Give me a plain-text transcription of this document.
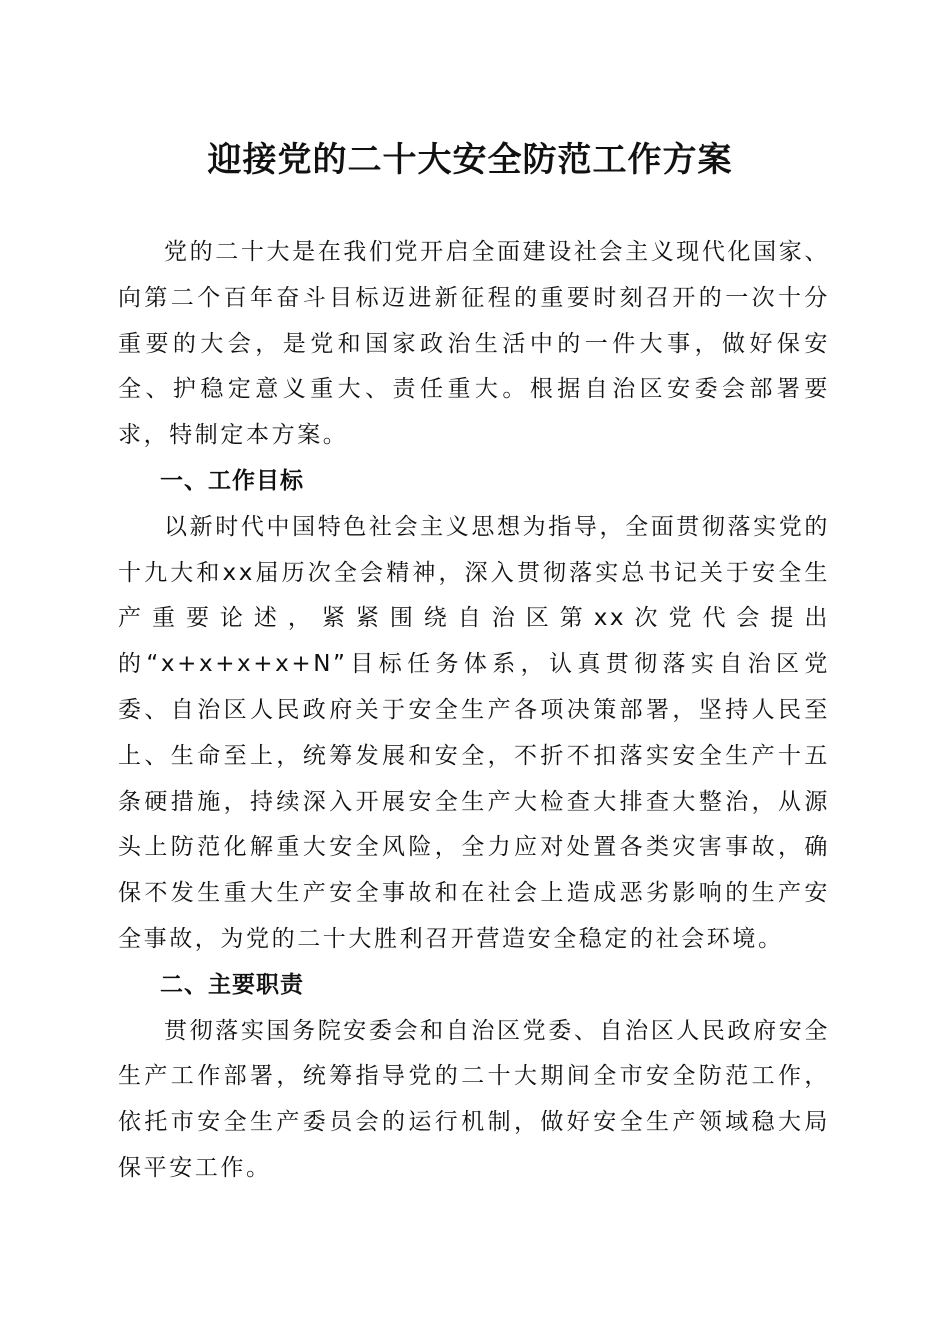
迎接党的二十大安全防范工作方案

党的二十大是在我们党开启全面建设社会主义现代化国家、向第二个百年奋斗目标迈进新征程的重要时刻召开的一次十分重要的大会，是党和国家政治生活中的一件大事，做好保安全、护稳定意义重大、责任重大。根据自治区安委会部署要求，特制定本方案。

一、工作目标

以新时代中国特色社会主义思想为指导，全面贯彻落实党的十九大和xx届历次全会精神，深入贯彻落实总书记关于安全生产重要论述，紧紧围绕自治区第xx次党代会提出的“x+x+x+x+N”目标任务体系，认真贯彻落实自治区党委、自治区人民政府关于安全生产各项决策部署，坚持人民至上、生命至上，统筹发展和安全，不折不扣落实安全生产十五条硬措施，持续深入开展安全生产大检查大排查大整治，从源头上防范化解重大安全风险，全力应对处置各类灾害事故，确保不发生重大生产安全事故和在社会上造成恶劣影响的生产安全事故，为党的二十大胜利召开营造安全稳定的社会环境。

二、主要职责

贯彻落实国务院安委会和自治区党委、自治区人民政府安全生产工作部署，统筹指导党的二十大期间全市安全防范工作，依托市安全生产委员会的运行机制，做好安全生产领域稳大局保平安工作。
